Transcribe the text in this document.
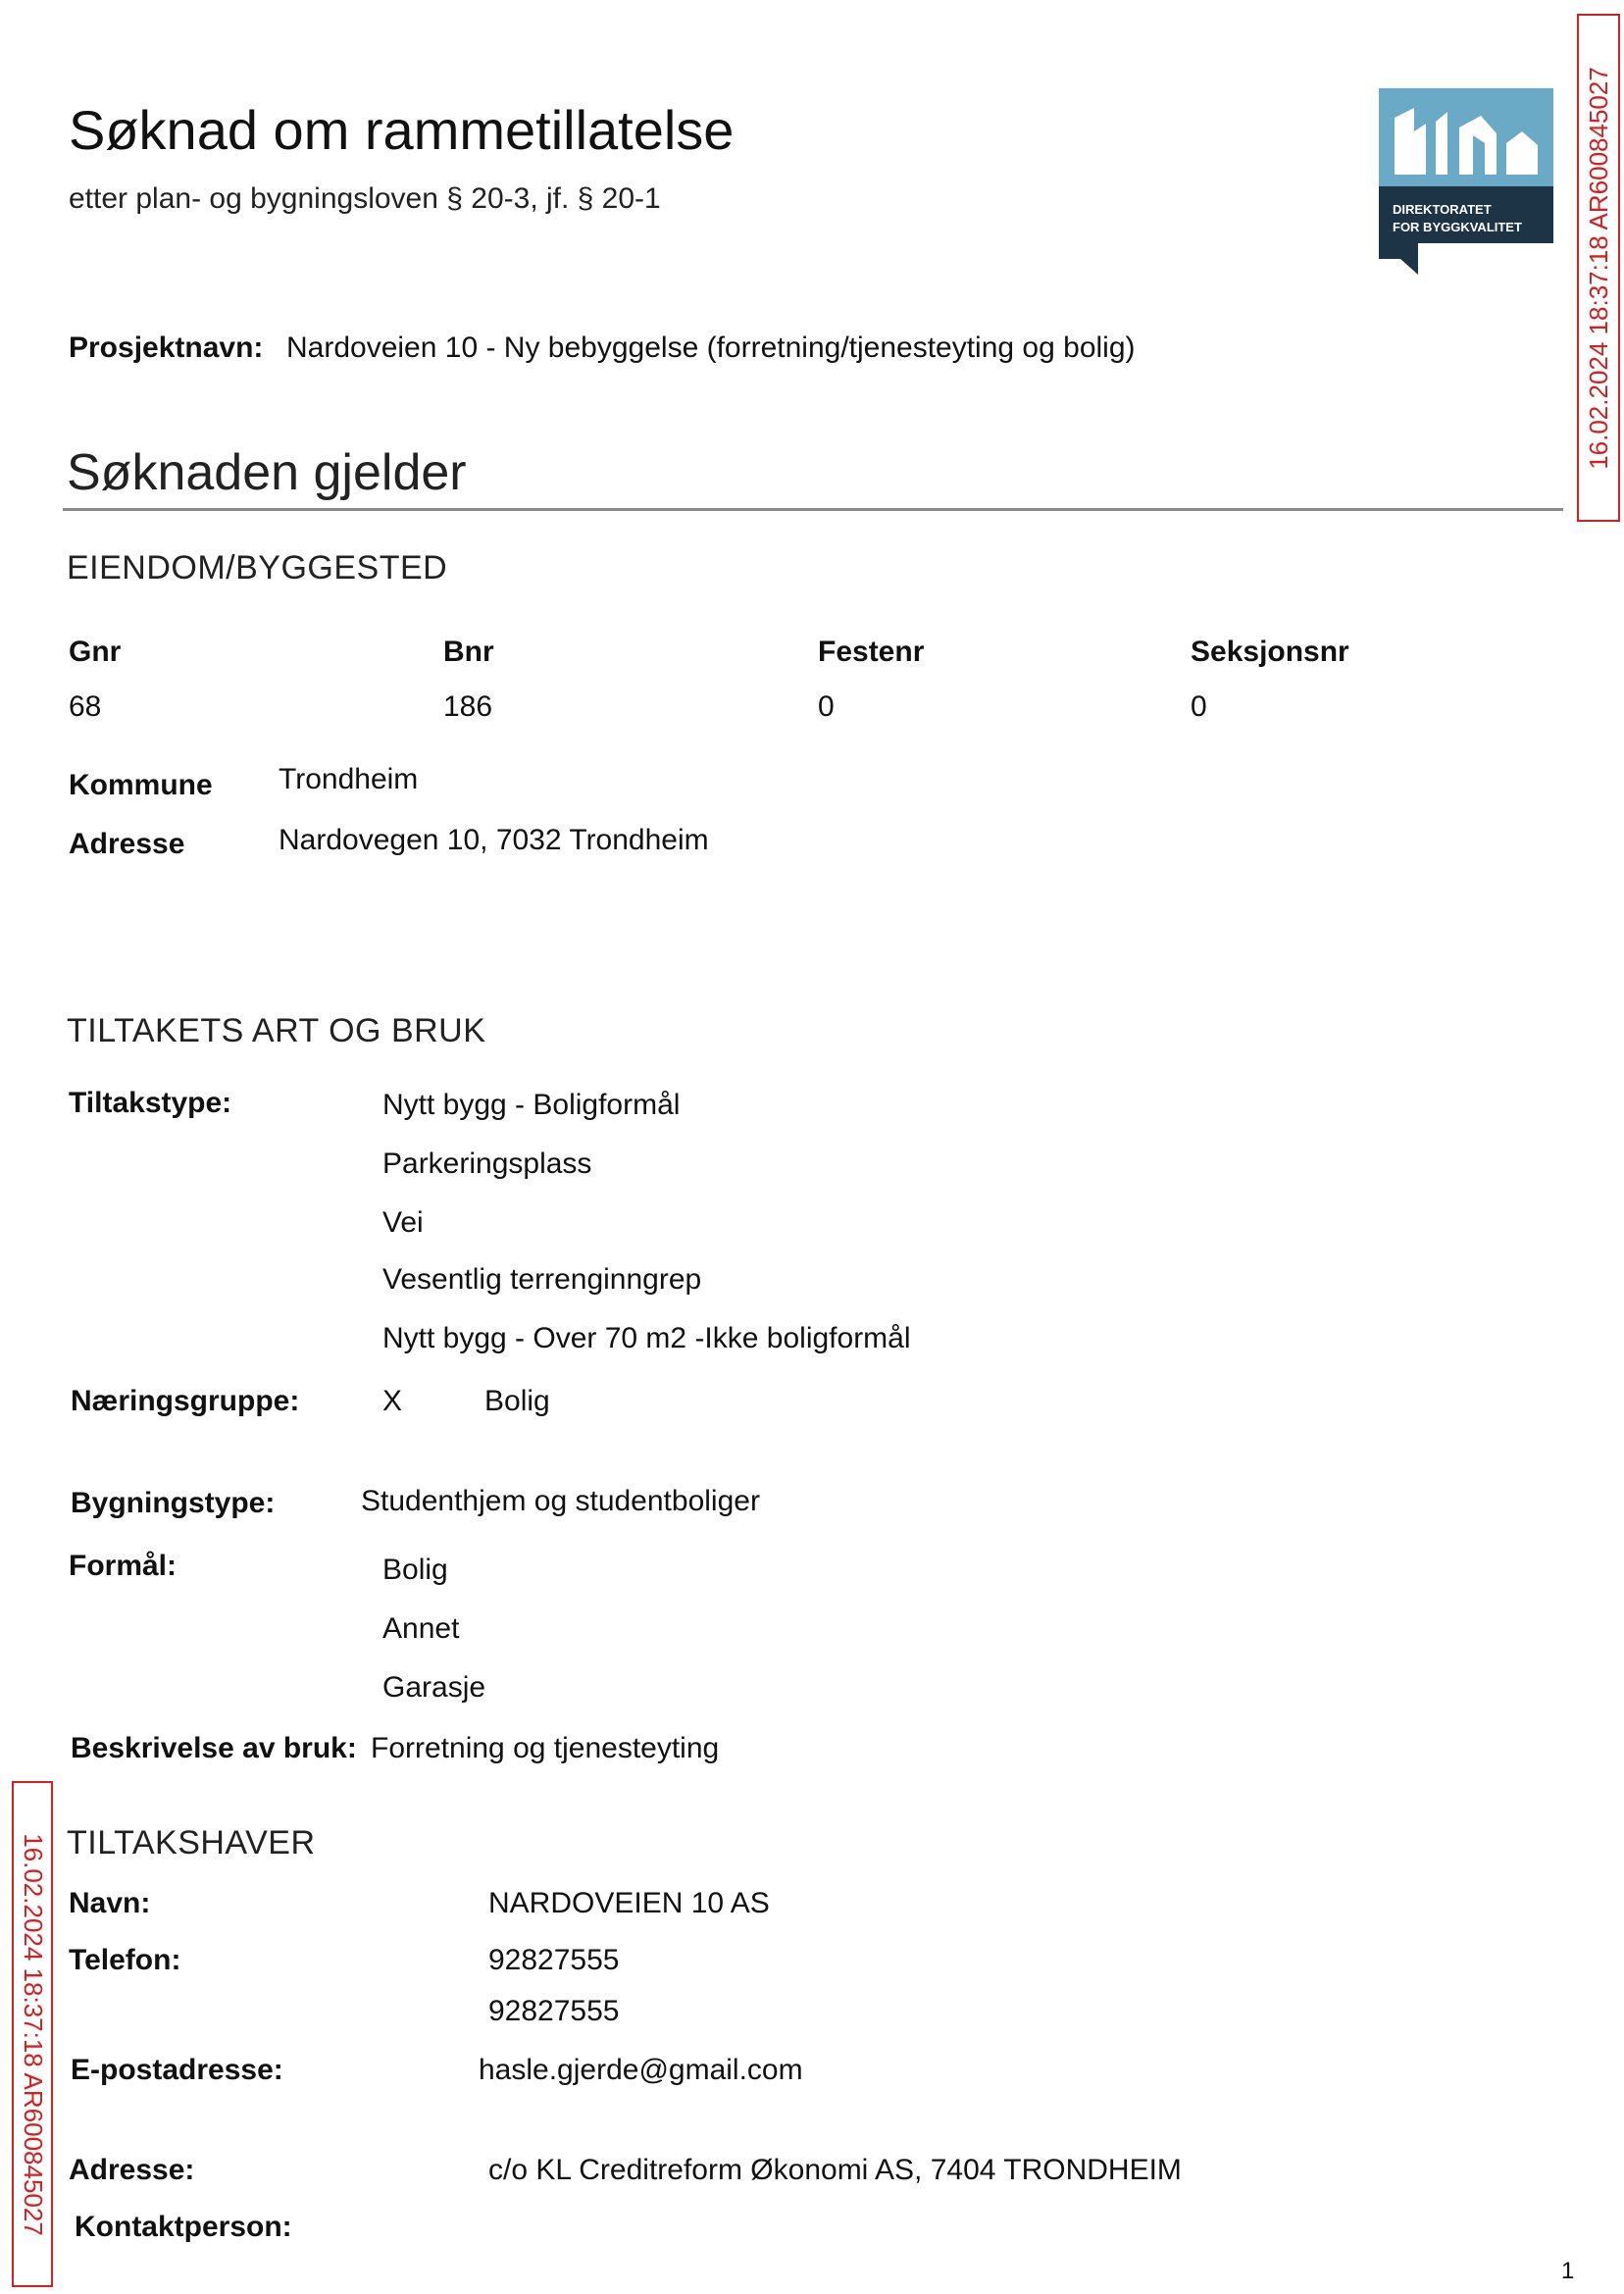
Søknad om rammetillatelse
etter plan- og bygningsloven § 20-3, jf. § 20-1	DIREKTORATET
FOR BYGGKVALITET 16.02.2024 18:37:18 AR600845027
16.02.2024 18:37:18 AR600845027
Prosjektnavn: Nardoveien 10 - Ny bebyggelse (forretning/tjenesteyting og bolig)
Søknaden gjelder
EIENDOM/BYGGESTED
Gnr	Bnr	Festenr	Seksjonsnr
68	186	0	0
Kommune Trondheim
Adresse	Nardovegen 10, 7032 Trondheim
TILTAKETS ART OG BRUK
Tiltakstype:	Nytt bygg - Boligformål
Parkeringsplass
Vei
Vesentlig terrenginngrep
Nytt bygg - Over 70 m2 -Ikke boligformål
Næringsgruppe:	X	Bolig
Bygningstype:	Studenthjem og studentboliger
Formål:	Bolig
Annet
Garasje
Beskrivelse av bruk: Forretning og tjenesteyting
TILTAKSHAVER
Navn:	NARDOVEIEN 10 AS
Telefon:	92827555
92827555
E-postadresse:	hasle.gjerde@gmail.com
Adresse:	c/o KL Creditreform Økonomi AS, 7404 TRONDHEIM
Kontaktperson:
1
